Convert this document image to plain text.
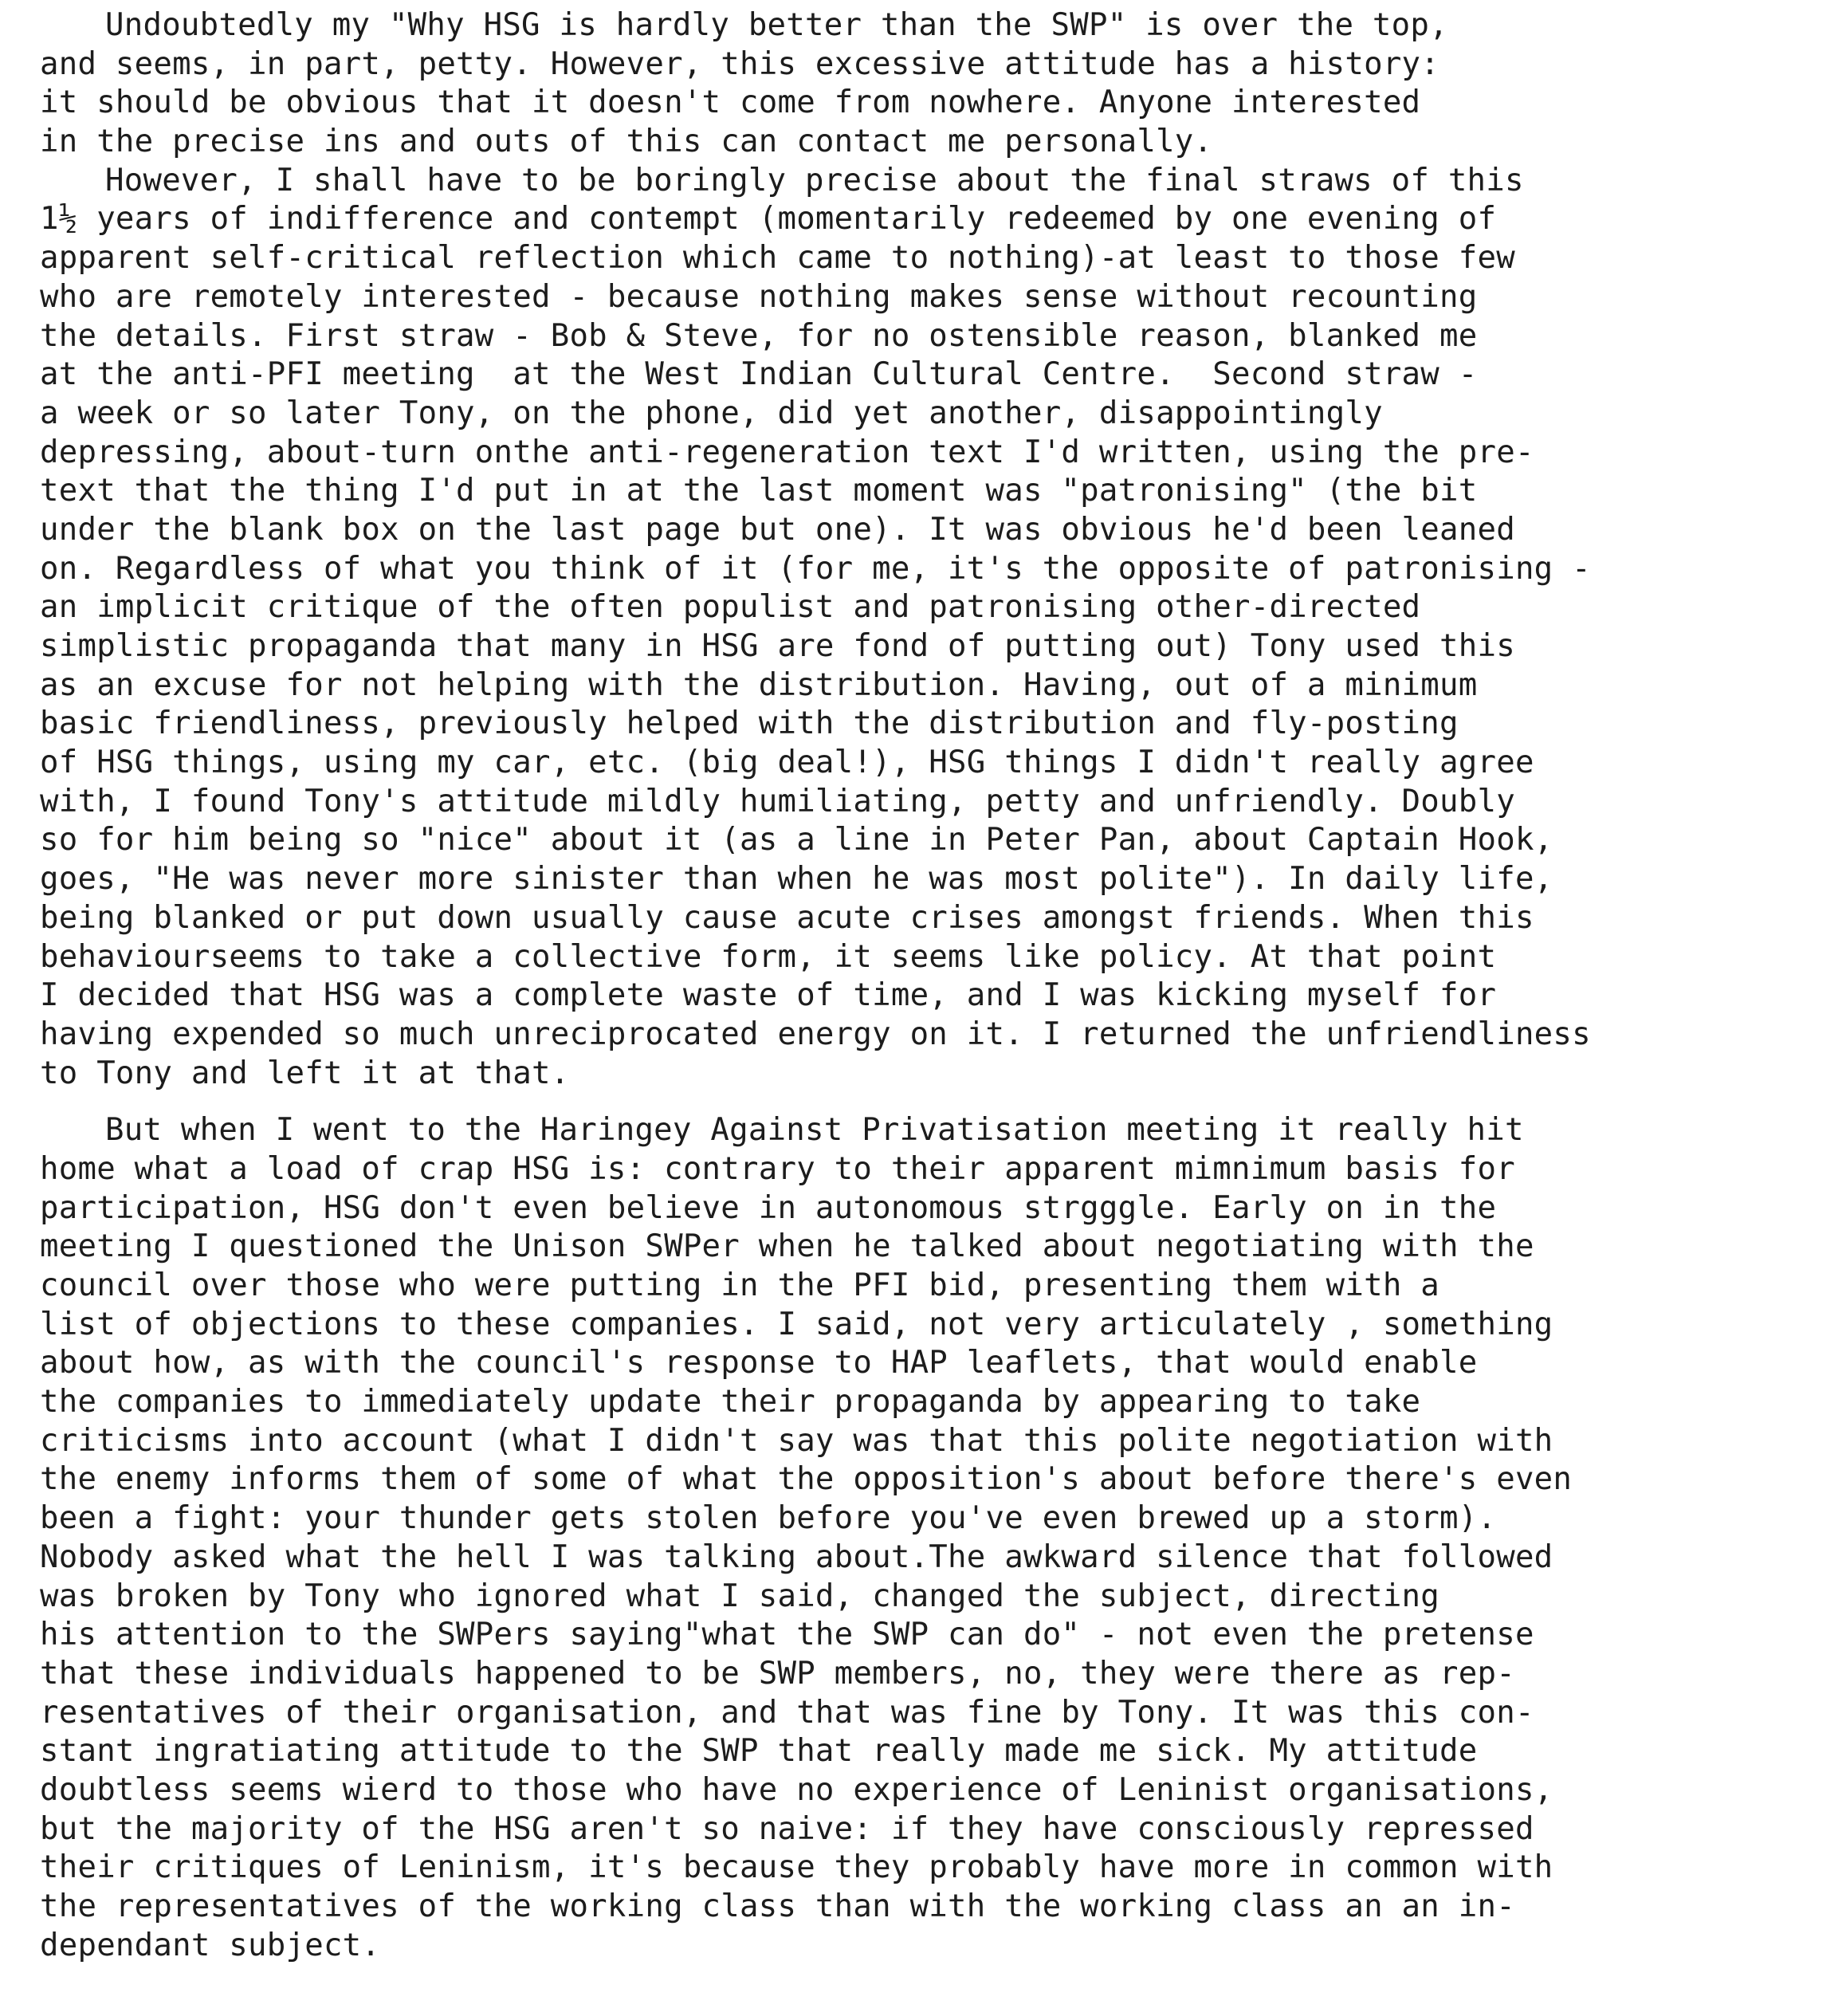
Undoubtedly my "Why HSG is hardly better than the SWP" is over the top,
and seems, in part, petty. However, this excessive attitude has a history:
it should be obvious that it doesn't come from nowhere. Anyone interested
in the precise ins and outs of this can contact me personally.
However, I shall have to be boringly precise about the final straws of this
1½ years of indifference and contempt (momentarily redeemed by one evening of
apparent self-critical reflection which came to nothing)-at least to those few
who are remotely interested - because nothing makes sense without recounting
the details. First straw - Bob & Steve, for no ostensible reason, blanked me
at the anti-PFI meeting  at the West Indian Cultural Centre.  Second straw -
a week or so later Tony, on the phone, did yet another, disappointingly
depressing, about-turn onthe anti-regeneration text I'd written, using the pre-
text that the thing I'd put in at the last moment was "patronising" (the bit
under the blank box on the last page but one). It was obvious he'd been leaned
on. Regardless of what you think of it (for me, it's the opposite of patronising -
an implicit critique of the often populist and patronising other-directed
simplistic propaganda that many in HSG are fond of putting out) Tony used this
as an excuse for not helping with the distribution. Having, out of a minimum
basic friendliness, previously helped with the distribution and fly-posting
of HSG things, using my car, etc. (big deal!), HSG things I didn't really agree
with, I found Tony's attitude mildly humiliating, petty and unfriendly. Doubly
so for him being so "nice" about it (as a line in Peter Pan, about Captain Hook,
goes, "He was never more sinister than when he was most polite"). In daily life,
being blanked or put down usually cause acute crises amongst friends. When this
behaviourseems to take a collective form, it seems like policy. At that point
I decided that HSG was a complete waste of time, and I was kicking myself for
having expended so much unreciprocated energy on it. I returned the unfriendliness
to Tony and left it at that.
But when I went to the Haringey Against Privatisation meeting it really hit
home what a load of crap HSG is: contrary to their apparent mimnimum basis for
participation, HSG don't even believe in autonomous strgggle. Early on in the
meeting I questioned the Unison SWPer when he talked about negotiating with the
council over those who were putting in the PFI bid, presenting them with a
list of objections to these companies. I said, not very articulately , something
about how, as with the council's response to HAP leaflets, that would enable
the companies to immediately update their propaganda by appearing to take
criticisms into account (what I didn't say was that this polite negotiation with
the enemy informs them of some of what the opposition's about before there's even
been a fight: your thunder gets stolen before you've even brewed up a storm).
Nobody asked what the hell I was talking about.The awkward silence that followed
was broken by Tony who ignored what I said, changed the subject, directing
his attention to the SWPers saying"what the SWP can do" - not even the pretense
that these individuals happened to be SWP members, no, they were there as rep-
resentatives of their organisation, and that was fine by Tony. It was this con-
stant ingratiating attitude to the SWP that really made me sick. My attitude
doubtless seems wierd to those who have no experience of Leninist organisations,
but the majority of the HSG aren't so naive: if they have consciously repressed
their critiques of Leninism, it's because they probably have more in common with
the representatives of the working class than with the working class an an in-
dependant subject.
